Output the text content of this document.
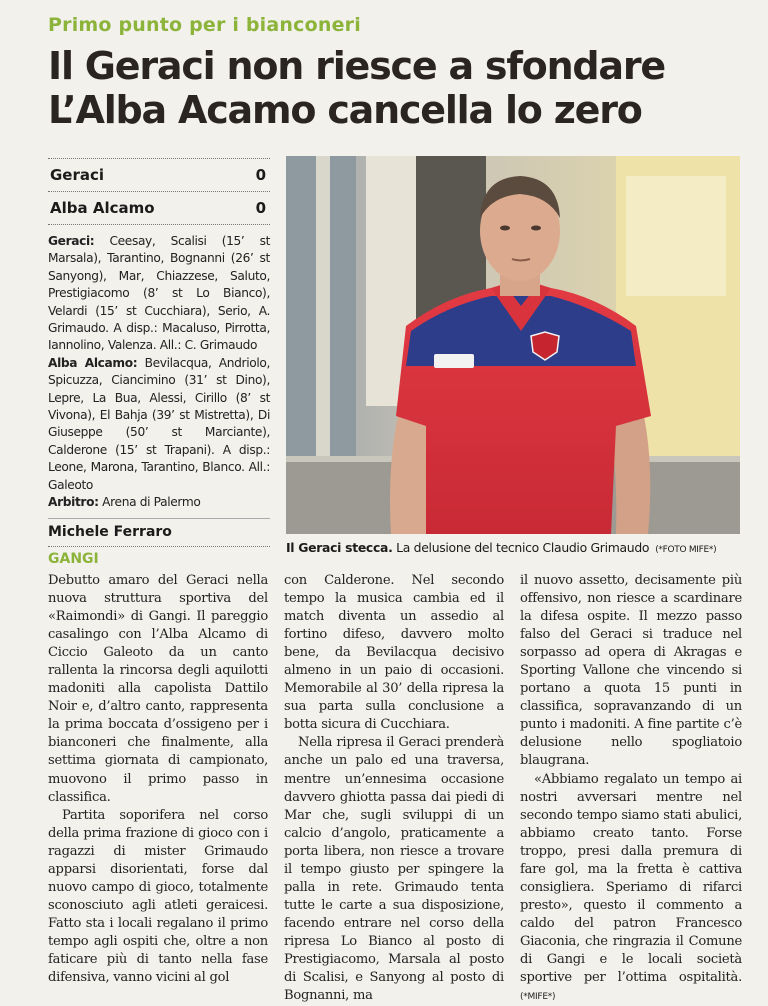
Primo punto per i bianconeri
Il Geraci non riesce a sfondare
L’Alba Acamo cancella lo zero
Geraci	0
Alba Alcamo	0

Geraci: Ceesay, Scalisi (15’ st Marsala), Tarantino, Bognanni (26’ st Sanyong), Mar, Chiazzese, Saluto, Prestigiacomo (8’ st Lo Bianco), Velardi (15’ st Cucchiara), Serio, A. Grimaudo. A disp.: Macaluso, Pirrotta, Iannolino, Valenza. All.: C. Grimaudo

Alba Alcamo: Bevilacqua, Andriolo, Spicuzza, Ciancimino (31’ st Dino), Lepre, La Bua, Alessi, Cirillo (8’ st Vivona), El Bahja (39’ st Mistretta), Di Giuseppe (50’ st Marciante), Calderone (15’ st Trapani). A disp.: Leone, Marona, Tarantino, Blanco. All.: Galeoto

Arbitro: Arena di Palermo

Michele Ferraro
GANGI
Il Geraci stecca. La delusione del tecnico Claudio Grimaudo (*FOTO MIFE*)

Debutto amaro del Geraci nella nuova struttura sportiva del «Raimondi» di Gangi. Il pareggio casalingo con l’Alba Alcamo di Ciccio Galeoto da un canto rallenta la rincorsa degli aquilotti madoniti alla capolista Dattilo Noir e, d’altro canto, rappresenta la prima boccata d’ossigeno per i bianconeri che finalmente, alla settima giornata di campionato, muovono il primo passo in classifica.

Partita soporifera nel corso della prima frazione di gioco con i ragazzi di mister Grimaudo apparsi disorientati, forse dal nuovo campo di gioco, totalmente sconosciuto agli atleti geraicesi. Fatto sta i locali regalano il primo tempo agli ospiti che, oltre a non faticare più di tanto nella fase difensiva, vanno vicini al gol

con Calderone. Nel secondo tempo la musica cambia ed il match diventa un assedio al fortino difeso, davvero molto bene, da Bevilacqua decisivo almeno in un paio di occasioni. Memorabile al 30’ della ripresa la sua parta sulla conclusione a botta sicura di Cucchiara.

Nella ripresa il Geraci prenderà anche un palo ed una traversa, mentre un’ennesima occasione davvero ghiotta passa dai piedi di Mar che, sugli sviluppi di un calcio d’angolo, praticamente a porta libera, non riesce a trovare il tempo giusto per spingere la palla in rete. Grimaudo tenta tutte le carte a sua disposizione, facendo entrare nel corso della ripresa Lo Bianco al posto di Prestigiacomo, Marsala al posto di Scalisi, e Sanyong al posto di Bognanni, ma

il nuovo assetto, decisamente più offensivo, non riesce a scardinare la difesa ospite. Il mezzo passo falso del Geraci si traduce nel sorpasso ad opera di Akragas e Sporting Vallone che vincendo si portano a quota 15 punti in classifica, sopravanzando di un punto i madoniti. A fine partite c’è delusione nello spogliatoio blaugrana.

«Abbiamo regalato un tempo ai nostri avversari mentre nel secondo tempo siamo stati abulici, abbiamo creato tanto. Forse troppo, presi dalla premura di fare gol, ma la fretta è cattiva consigliera. Speriamo di rifarci presto», questo il commento a caldo del patron Francesco Giaconia, che ringrazia il Comune di Gangi e le locali società sportive per l’ottima ospitalità. (*MIFE*)
